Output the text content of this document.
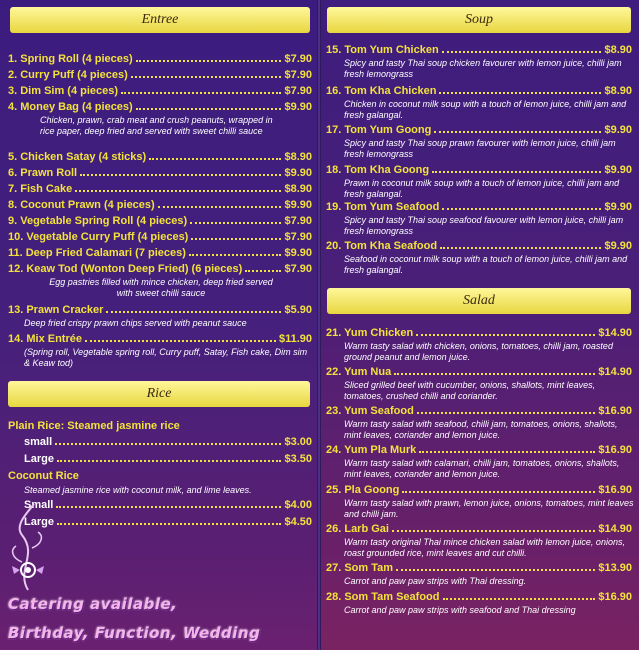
Entree
1. Spring Roll (4 pieces)	$7.90
2. Curry Puff (4 pieces)	$7.90
3. Dim Sim (4 pieces)	$7.90
4. Money Bag (4 pieces)	$9.90
Chicken, prawn, crab meat and crush peanuts, wrapped in rice paper, deep fried and served with sweet chilli sauce
5. Chicken Satay (4 sticks)	$8.90
6. Prawn Roll	$9.90
7. Fish Cake	$8.90
8. Coconut Prawn (4 pieces)	$9.90
9. Vegetable Spring Roll (4 pieces)	$7.90
10. Vegetable Curry Puff (4 pieces)	$7.90
11. Deep Fried Calamari (7 pieces)	$9.90
12. Keaw Tod (Wonton Deep Fried) (6 pieces)	$7.90
Egg pastries filled with mince chicken, deep fried served with sweet chilli sauce
13. Prawn Cracker	$5.90
Deep fried crispy prawn chips served with peanut sauce
14. Mix Entrée	$11.90
(Spring roll, Vegetable spring roll, Curry puff, Satay, Fish cake, Dim sim & Keaw tod)
Rice
Plain Rice: Steamed jasmine rice
small	$3.00
Large	$3.50
Coconut Rice
Steamed jasmine rice with coconut milk, and lime leaves.
Small	$4.00
Large	$4.50
Catering available,
Birthday, Function, Wedding
Soup
15. Tom Yum Chicken	$8.90
Spicy and tasty Thai soup chicken favourer with lemon juice, chilli jam fresh lemongrass
16. Tom Kha Chicken	$8.90
Chicken in coconut milk soup with a touch of lemon juice, chilli jam and fresh galangal.
17. Tom Yum Goong	$9.90
Spicy and tasty Thai soup prawn favourer with lemon juice, chilli jam fresh lemongrass
18. Tom Kha Goong	$9.90
Prawn in coconut milk soup with a touch of lemon juice, chilli jam and fresh galangal.
19. Tom Yum Seafood	$9.90
Spicy and tasty Thai soup seafood favourer with lemon juice, chilli jam fresh lemongrass
20. Tom Kha Seafood	$9.90
Seafood in coconut milk soup with a touch of lemon juice, chilli jam and fresh galangal.
Salad
21. Yum Chicken	$14.90
Warm tasty salad with chicken, onions, tomatoes, chilli jam, roasted ground peanut and lemon juice.
22. Yum Nua	$14.90
Sliced grilled beef with cucumber, onions, shallots, mint leaves, tomatoes, crushed chilli and coriander.
23. Yum Seafood	$16.90
Warm tasty salad with seafood, chilli jam, tomatoes, onions, shallots, mint leaves, coriander and lemon juice.
24. Yum Pla Murk	$16.90
Warm tasty salad with calamari, chilli jam, tomatoes, onions, shallots, mint leaves, coriander and lemon juice.
25. Pla Goong	$16.90
Warm tasty salad with prawn, lemon juice, onions, tomatoes, mint leaves and chilli jam.
26. Larb Gai	$14.90
Warm tasty original Thai mince chicken salad with lemon juice, onions, roast grounded rice, mint leaves and cut chilli.
27. Som Tam	$13.90
Carrot and paw paw strips with Thai dressing.
28. Som Tam Seafood	$16.90
Carrot and paw paw strips with seafood and Thai dressing
